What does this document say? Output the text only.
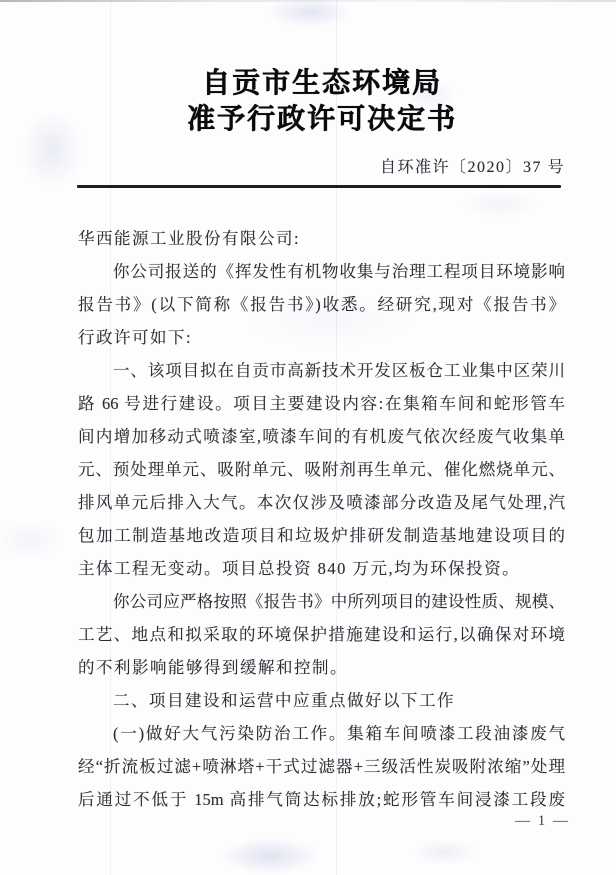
自贡市生态环境局
准予行政许可决定书
自环准许〔2020〕37 号
华西能源工业股份有限公司:
你公司报送的《挥发性有机物收集与治理工程项目环境影响
报告书》(以下简称《报告书》)收悉。经研究,现对《报告书》
行政许可如下:
一、该项目拟在自贡市高新技术开发区板仓工业集中区荣川
路 66 号进行建设。项目主要建设内容:在集箱车间和蛇形管车
间内增加移动式喷漆室,喷漆车间的有机废气依次经废气收集单
元、预处理单元、吸附单元、吸附剂再生单元、催化燃烧单元、
排风单元后排入大气。本次仅涉及喷漆部分改造及尾气处理,汽
包加工制造基地改造项目和垃圾炉排研发制造基地建设项目的
主体工程无变动。项目总投资 840 万元,均为环保投资。
你公司应严格按照《报告书》中所列项目的建设性质、规模、
工艺、地点和拟采取的环境保护措施建设和运行,以确保对环境
的不利影响能够得到缓解和控制。
二、项目建设和运营中应重点做好以下工作
(一)做好大气污染防治工作。集箱车间喷漆工段油漆废气
经“折流板过滤+喷淋塔+干式过滤器+三级活性炭吸附浓缩”处理
后通过不低于 15m 高排气筒达标排放;蛇形管车间浸漆工段废
— 1 —
